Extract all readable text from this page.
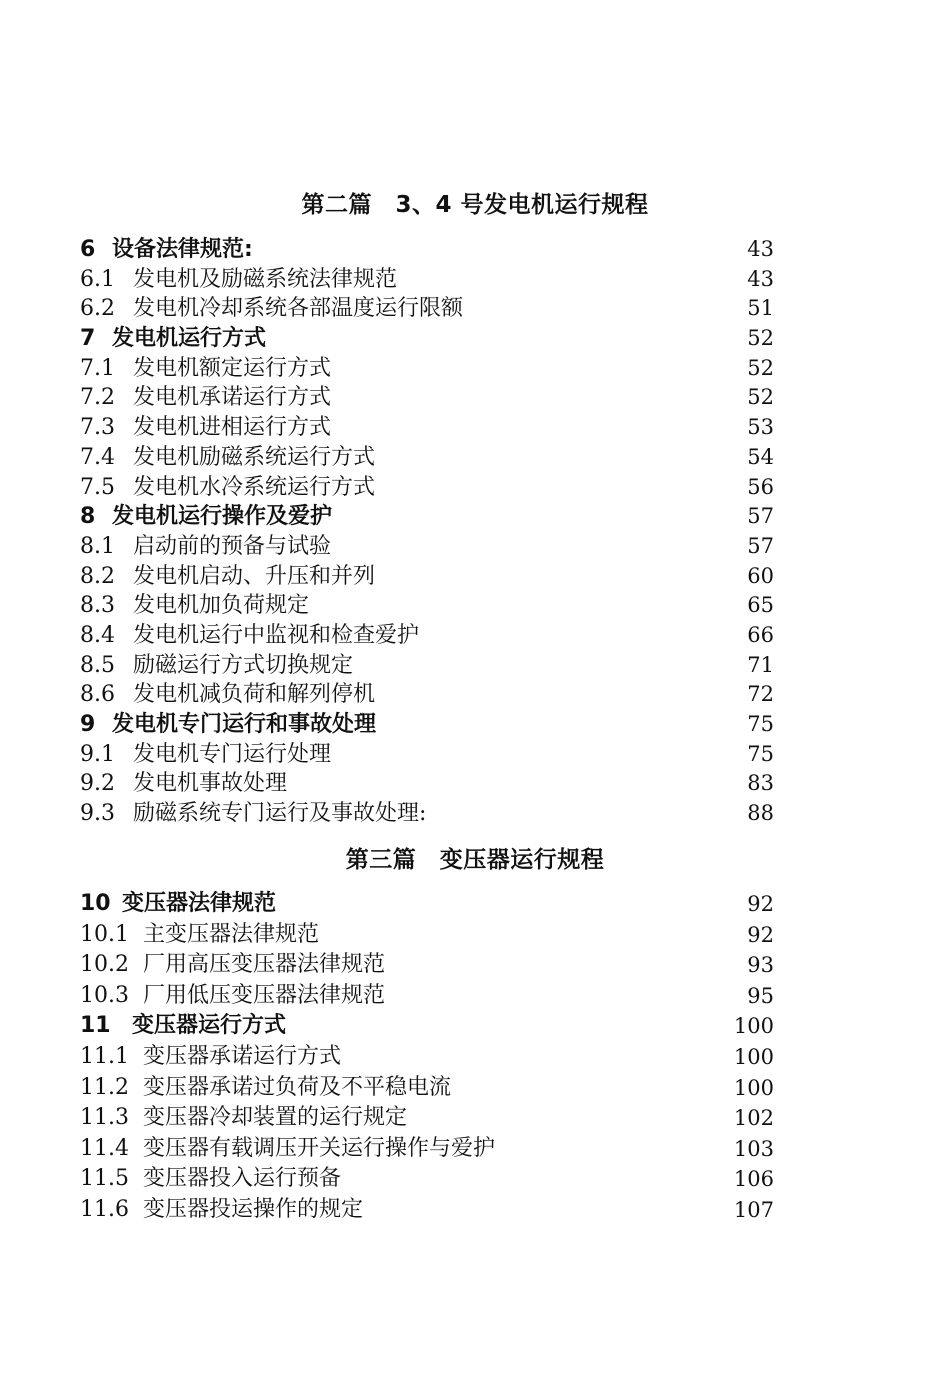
第二篇　3、4 号发电机运行规程
6 设备法律规范:	43
6.1 发电机及励磁系统法律规范	43
6.2 发电机冷却系统各部温度运行限额	51
7 发电机运行方式	52
7.1 发电机额定运行方式	52
7.2 发电机承诺运行方式	52
7.3 发电机进相运行方式	53
7.4 发电机励磁系统运行方式	54
7.5 发电机水冷系统运行方式	56
8 发电机运行操作及爱护	57
8.1 启动前的预备与试验	57
8.2 发电机启动、升压和并列	60
8.3 发电机加负荷规定	65
8.4 发电机运行中监视和检查爱护	66
8.5 励磁运行方式切换规定	71
8.6 发电机减负荷和解列停机	72
9 发电机专门运行和事故处理	75
9.1 发电机专门运行处理	75
9.2 发电机事故处理	83
9.3 励磁系统专门运行及事故处理:	88
第三篇　变压器运行规程
10 变压器法律规范	92
10.1 主变压器法律规范	92
10.2 厂用高压变压器法律规范	93
10.3 厂用低压变压器法律规范	95
11 变压器运行方式	100
11.1 变压器承诺运行方式	100
11.2 变压器承诺过负荷及不平稳电流	100
11.3 变压器冷却装置的运行规定	102
11.4 变压器有载调压开关运行操作与爱护	103
11.5 变压器投入运行预备	106
11.6 变压器投运操作的规定	107
